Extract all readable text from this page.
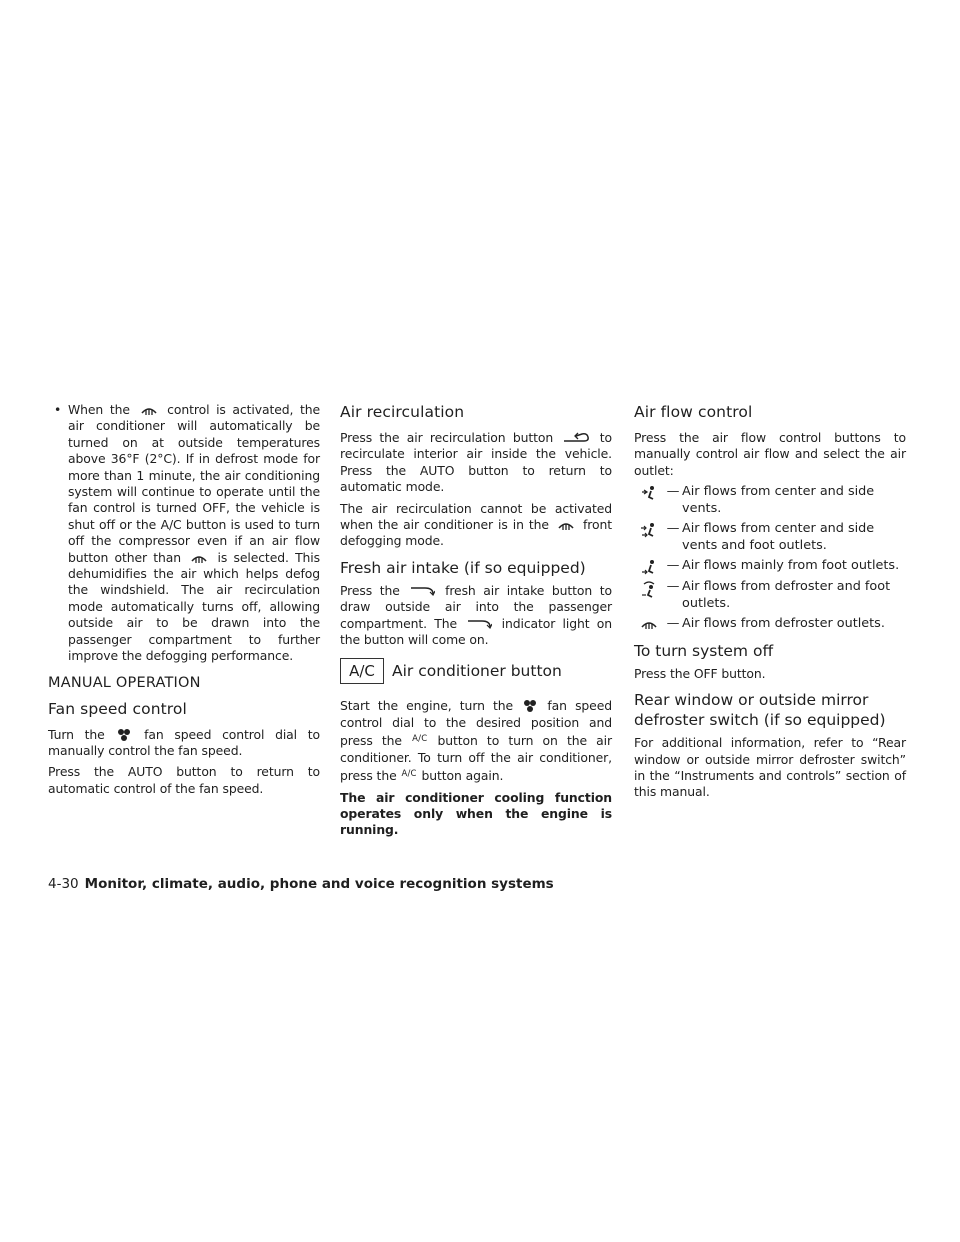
• When the	control is activated, the air conditioner will automatically be turned on at outside temperatures above 36°F (2°C). If in defrost mode for more than 1 minute, the air conditioning system will continue to operate until the fan control is turned OFF, the vehicle is shut off or the A/C button is used to turn off the compressor even if an air flow button other than	is selected. This dehumidifies the air which helps defog the windshield. The air recirculation mode automatically turns off, allowing outside air to be drawn into the passenger compartment to further improve the defogging performance.

MANUAL OPERATION
Fan speed control

Turn the	fan speed control dial to manually control the fan speed.

Press the AUTO button to return to automatic control of the fan speed.

Air recirculation

Press the air recirculation button	to recirculate interior air inside the vehicle. Press the AUTO button to return to automatic mode.

The air recirculation cannot be activated when the air conditioner is in the	front defogging mode.

Fresh air intake (if so equipped)

Press the	fresh air intake button to draw outside air into the passenger compartment. The	indicator light on the button will come on.

A/C	Air conditioner button

Start the engine, turn the	fan speed control dial to the desired position and press the $^{A/C}$ button to turn on the air conditioner. To turn off the air conditioner, press the $^{A/C}$ button again.

The air conditioner cooling function operates only when the engine is running.

Air flow control

Press the air flow control buttons to manually control air flow and select the air outlet:

— Air flows from center and side vents.
— Air flows from center and side vents and foot outlets.
— Air flows mainly from foot outlets.
— Air flows from defroster and foot outlets.
— Air flows from defroster outlets.
To turn system off

Press the OFF button.

Rear window or outside mirror defroster switch (if so equipped)

For additional information, refer to “Rear window or outside mirror defroster switch” in the “Instruments and controls” section of this manual.

4-30 Monitor, climate, audio, phone and voice recognition systems
